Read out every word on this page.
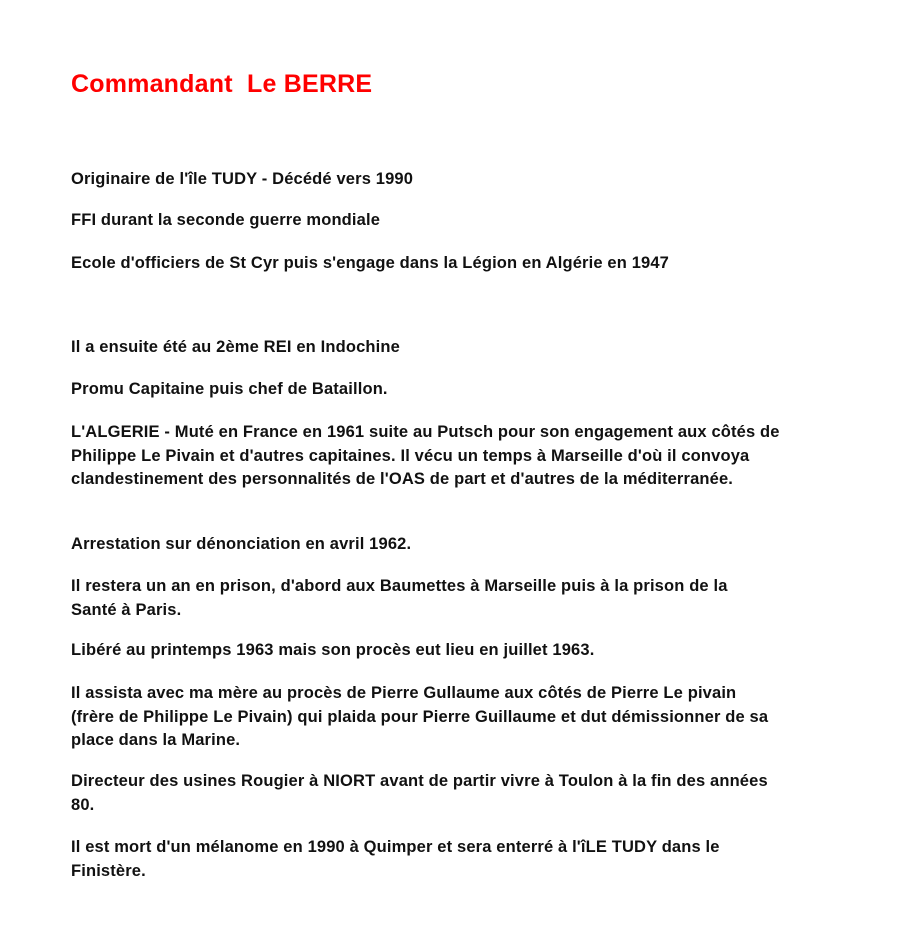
Commandant  Le BERRE

Originaire de l'île TUDY - Décédé vers 1990

FFI durant la seconde guerre mondiale

Ecole d'officiers de St Cyr puis s'engage dans la Légion en Algérie en 1947

Il a ensuite été au 2ème REI en Indochine

Promu Capitaine puis chef de Bataillon.

L'ALGERIE - Muté en France en 1961 suite au Putsch pour son engagement aux côtés de Philippe Le Pivain et d'autres capitaines. Il vécu un temps à Marseille d'où il convoya clandestinement des personnalités de l'OAS de part et d'autres de la méditerranée.

Arrestation sur dénonciation en avril 1962.

Il restera un an en prison, d'abord aux Baumettes à Marseille puis à la prison de la Santé à Paris.

Libéré au printemps 1963 mais son procès eut lieu en juillet 1963.

Il assista avec ma mère au procès de Pierre Gullaume aux côtés de Pierre Le pivain (frère de Philippe Le Pivain) qui plaida pour Pierre Guillaume et dut démissionner de sa place dans la Marine.

Directeur des usines Rougier à NIORT avant de partir vivre à Toulon à la fin des années 80.

Il est mort d'un mélanome en 1990 à Quimper et sera enterré à l'îLE TUDY dans le Finistère.
